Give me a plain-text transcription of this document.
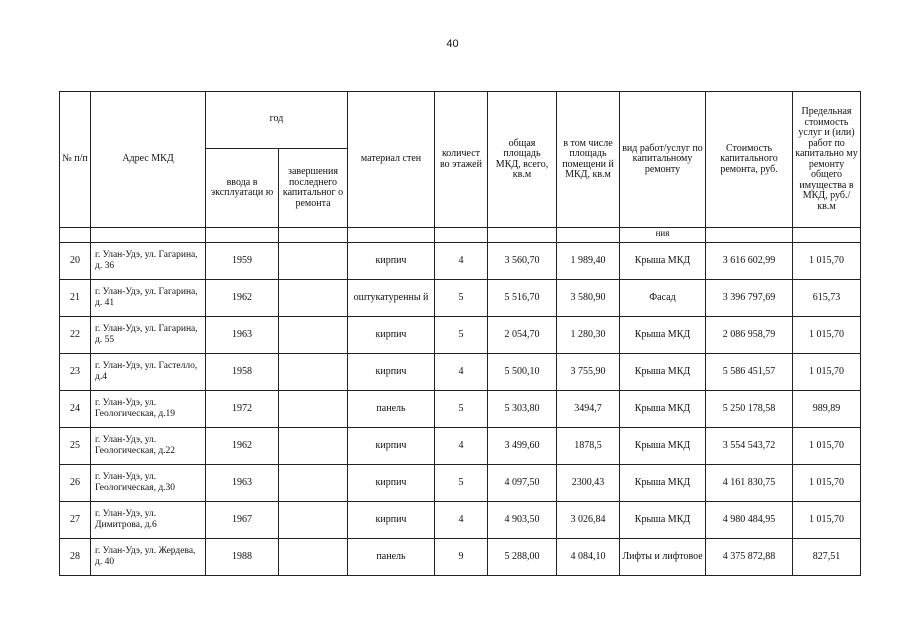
40
№ п/п	Адрес МКД	год		материал стен	количест во этажей	общая площадь МКД, всего, кв.м	в том числе площадь помещени й МКД, кв.м	вид работ/услуг по капитальному ремонту	Стоимость капитального ремонта, руб.	Предельная стоимость услуг и (или) работ по капитально му ремонту общего имущества в МКД, руб./кв.м
		ввода в эксплуатаци ю	завершения последнего капитальног о ремонта							
								ния		
20	г. Улан-Удэ, ул. Гагарина, д. 36	1959		кирпич	4	3 560,70	1 989,40	Крыша МКД	3 616 602,99	1 015,70
21	г. Улан-Удэ, ул. Гагарина, д. 41	1962		оштукатуренны й	5	5 516,70	3 580,90	Фасад	3 396 797,69	615,73
22	г. Улан-Удэ, ул. Гагарина, д. 55	1963		кирпич	5	2 054,70	1 280,30	Крыша МКД	2 086 958,79	1 015,70
23	г. Улан-Удэ, ул. Гастелло, д.4	1958		кирпич	4	5 500,10	3 755,90	Крыша МКД	5 586 451,57	1 015,70
24	г. Улан-Удэ, ул. Геологическая, д.19	1972		панель	5	5 303,80	3494,7	Крыша МКД	5 250 178,58	989,89
25	г. Улан-Удэ, ул. Геологическая, д.22	1962		кирпич	4	3 499,60	1878,5	Крыша МКД	3 554 543,72	1 015,70
26	г. Улан-Удэ, ул. Геологическая, д.30	1963		кирпич	5	4 097,50	2300,43	Крыша МКД	4 161 830,75	1 015,70
27	г. Улан-Удэ, ул. Димитрова, д.6	1967		кирпич	4	4 903,50	3 026,84	Крыша МКД	4 980 484,95	1 015,70
28	г. Улан-Удэ, ул. Жердева, д. 40	1988		панель	9	5 288,00	4 084,10	Лифты и лифтовое	4 375 872,88	827,51
